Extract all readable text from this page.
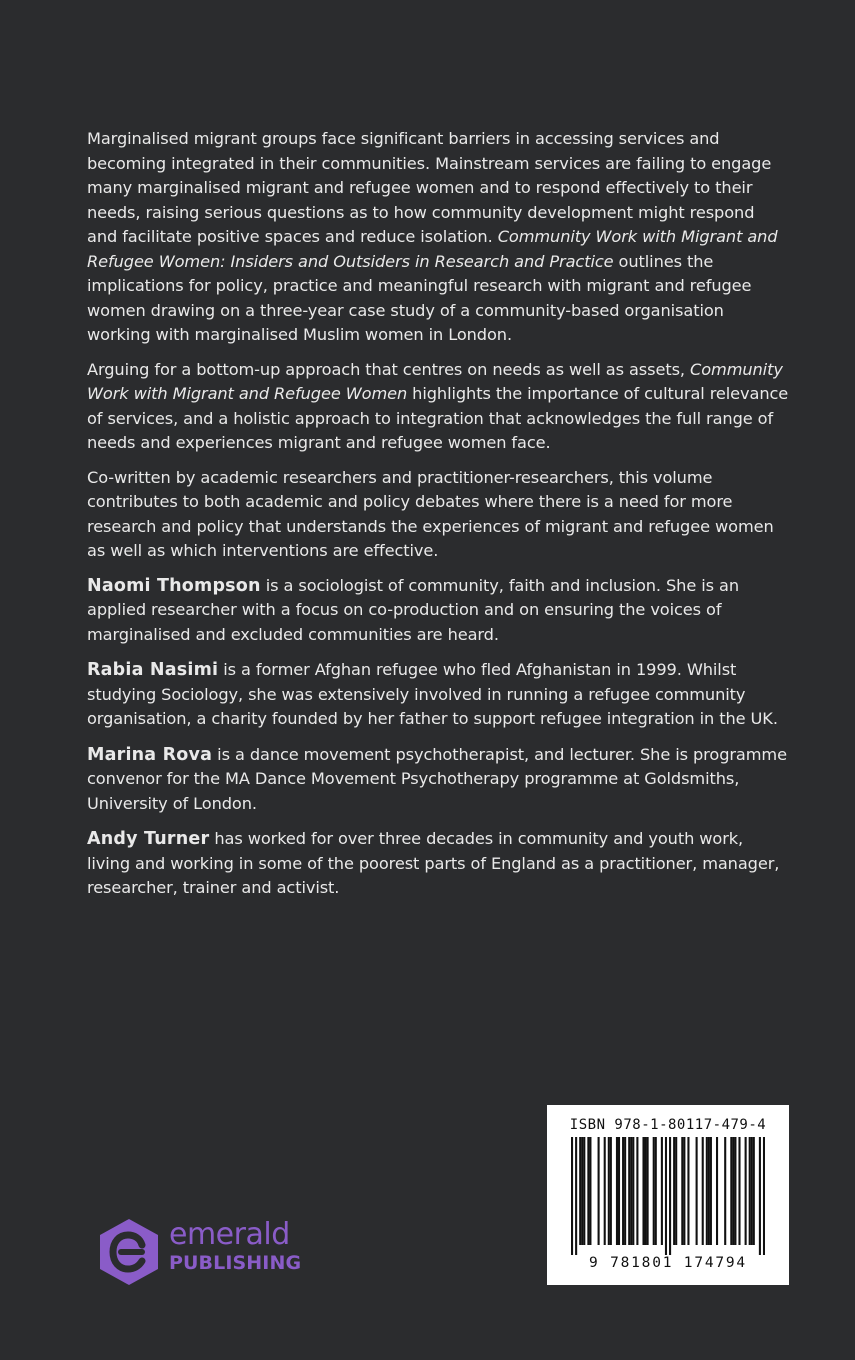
Marginalised migrant groups face significant barriers in accessing services and becoming integrated in their communities. Mainstream services are failing to engage many marginalised migrant and refugee women and to respond effectively to their needs, raising serious questions as to how community development might respond and facilitate positive spaces and reduce isolation. Community Work with Migrant and Refugee Women: Insiders and Outsiders in Research and Practice outlines the implications for policy, practice and meaningful research with migrant and refugee women drawing on a three-year case study of a community-based organisation working with marginalised Muslim women in London.

Arguing for a bottom-up approach that centres on needs as well as assets, Community Work with Migrant and Refugee Women highlights the importance of cultural relevance of services, and a holistic approach to integration that acknowledges the full range of needs and experiences migrant and refugee women face.

Co-written by academic researchers and practitioner-researchers, this volume contributes to both academic and policy debates where there is a need for more research and policy that understands the experiences of migrant and refugee women as well as which interventions are effective.

Naomi Thompson is a sociologist of community, faith and inclusion. She is an applied researcher with a focus on co-production and on ensuring the voices of marginalised and excluded communities are heard.

Rabia Nasimi is a former Afghan refugee who fled Afghanistan in 1999. Whilst studying Sociology, she was extensively involved in running a refugee community organisation, a charity founded by her father to support refugee integration in the UK.

Marina Rova is a dance movement psychotherapist, and lecturer. She is programme convenor for the MA Dance Movement Psychotherapy programme at Goldsmiths, University of London.

Andy Turner has worked for over three decades in community and youth work, living and working in some of the poorest parts of England as a practitioner, manager, researcher, trainer and activist.

emerald
PUBLISHING
ISBN 978-1-80117-479-4
9 781801 174794
